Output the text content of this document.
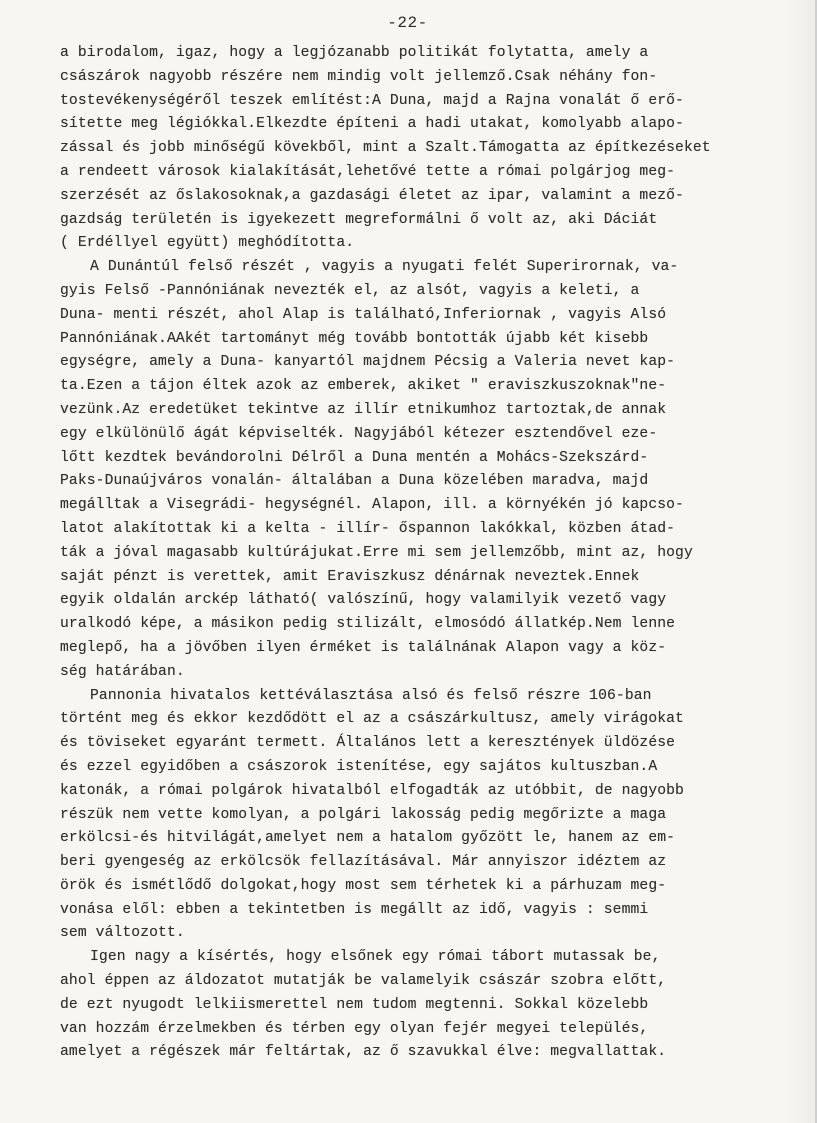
-22-
a birodalom, igaz, hogy a legjózanabb politikát folytatta, amely a
császárok nagyobb részére nem mindig volt jellemző.Csak néhány fon-
tostevékenységéről teszek említést:A Duna, majd a Rajna vonalát ő erő-
sítette meg légiókkal.Elkezdte építeni a hadi utakat, komolyabb alapo-
zással és jobb minőségű kövekből, mint a Szalt.Támogatta az építkezéseket
a rendeett városok kialakítását,lehetővé tette a római polgárjog meg-
szerzését az őslakosoknak,a gazdasági életet az ipar, valamint a mező-
gazdság területén is igyekezett megreformálni ő volt az, aki Dáciát
( Erdéllyel együtt) meghódította.
A Dunántúl felső részét , vagyis a nyugati felét Superirornak, va-
gyis Felső -Pannóniának nevezték el, az alsót, vagyis a keleti, a
Duna- menti részét, ahol Alap is található,Inferiornak , vagyis Alsó
Pannóniának.AAkét tartományt még tovább bontották újabb két kisebb
egységre, amely a Duna- kanyartól majdnem Pécsig a Valeria nevet kap-
ta.Ezen a tájon éltek azok az emberek, akiket " eraviszkuszoknak"ne-
vezünk.Az eredetüket tekintve az illír etnikumhoz tartoztak,de annak
egy elkülönülő ágát képviselték. Nagyjából kétezer esztendővel eze-
lőtt kezdtek bevándorolni Délről a Duna mentén a Mohács-Szekszárd-
Paks-Dunaújváros vonalán- általában a Duna közelében maradva, majd
megálltak a Visegrádi- hegységnél. Alapon, ill. a környékén jó kapcso-
latot alakítottak ki a kelta - illír- őspannon lakókkal, közben átad-
ták a jóval magasabb kultúrájukat.Erre mi sem jellemzőbb, mint az, hogy
saját pénzt is verettek, amit Eraviszkusz dénárnak neveztek.Ennek
egyik oldalán arckép látható( valószínű, hogy valamilyik vezető vagy
uralkodó képe, a másikon pedig stilizált, elmosódó állatkép.Nem lenne
meglepő, ha a jövőben ilyen érméket is találnának Alapon vagy a köz-
ség határában.
Pannonia hivatalos kettéválasztása alsó és felső részre 106-ban
történt meg és ekkor kezdődött el az a császárkultusz, amely virágokat
és töviseket egyaránt termett. Általános lett a keresztények üldözése
és ezzel egyidőben a császorok istenítése, egy sajátos kultuszban.A
katonák, a római polgárok hivatalból elfogadták az utóbbit, de nagyobb
részük nem vette komolyan, a polgári lakosság pedig megőrizte a maga
erkölcsi-és hitvilágát,amelyet nem a hatalom győzött le, hanem az em-
beri gyengeség az erkölcsök fellazításával. Már annyiszor idéztem az
örök és ismétlődő dolgokat,hogy most sem térhetek ki a párhuzam meg-
vonása elől: ebben a tekintetben is megállt az idő, vagyis : semmi
sem változott.
Igen nagy a kísértés, hogy elsőnek egy római tábort mutassak be,
ahol éppen az áldozatot mutatják be valamelyik császár szobra előtt,
de ezt nyugodt lelkiismerettel nem tudom megtenni. Sokkal közelebb
van hozzám érzelmekben és térben egy olyan fejér megyei település,
amelyet a régészek már feltártak, az ő szavukkal élve: megvallattak.
